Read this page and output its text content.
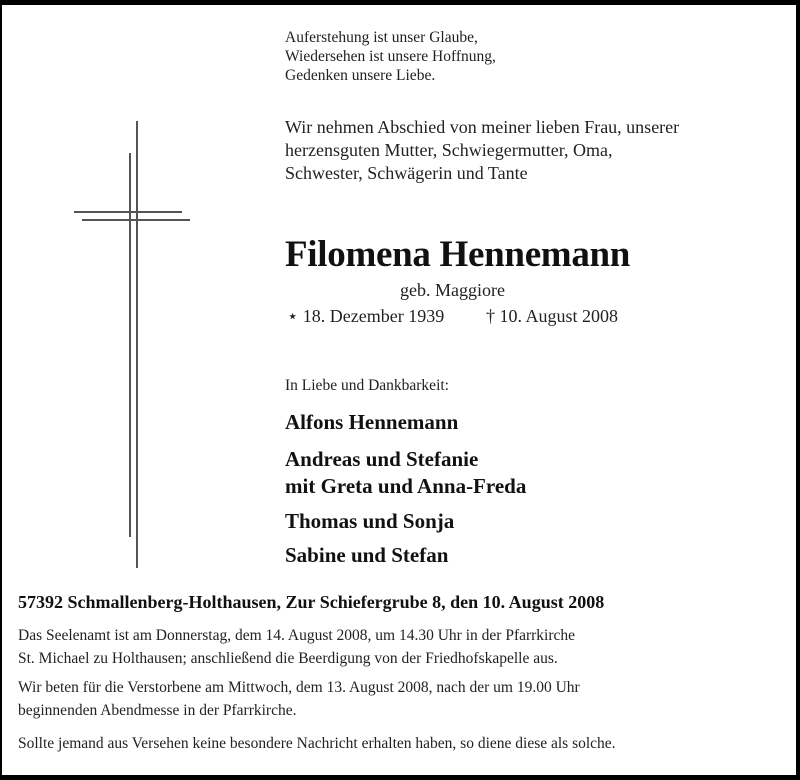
Auferstehung ist unser Glaube,
Wiedersehen ist unsere Hoffnung,
Gedenken unsere Liebe.
Wir nehmen Abschied von meiner lieben Frau, unserer
herzensguten Mutter, Schwiegermutter, Oma,
Schwester, Schwägerin und Tante
Filomena Hennemann
geb. Maggiore
⋆ 18. Dezember 1939 † 10. August 2008
In Liebe und Dankbarkeit:
Alfons Hennemann
Andreas und Stefanie
mit Greta und Anna-Freda
Thomas und Sonja
Sabine und Stefan
57392 Schmallenberg-Holthausen, Zur Schiefergrube 8, den 10. August 2008
Das Seelenamt ist am Donnerstag, dem 14. August 2008, um 14.30 Uhr in der Pfarrkirche
St. Michael zu Holthausen; anschließend die Beerdigung von der Friedhofskapelle aus.
Wir beten für die Verstorbene am Mittwoch, dem 13. August 2008, nach der um 19.00 Uhr
beginnenden Abendmesse in der Pfarrkirche.
Sollte jemand aus Versehen keine besondere Nachricht erhalten haben, so diene diese als solche.
